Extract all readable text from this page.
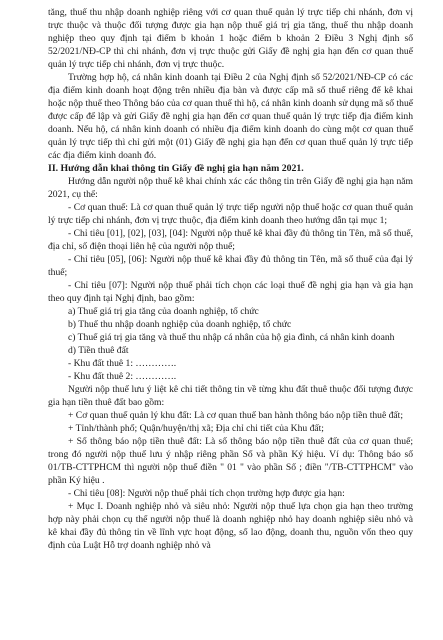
tăng, thuế thu nhập doanh nghiệp riêng với cơ quan thuế quản lý trực tiếp chi nhánh, đơn vị trực thuộc và thuộc đối tượng được gia hạn nộp thuế giá trị gia tăng, thuế thu nhập doanh nghiệp theo quy định tại điểm b khoản 1 hoặc điểm b khoản 2 Điều 3 Nghị định số 52/2021/NĐ-CP thì chi nhánh, đơn vị trực thuộc gửi Giấy đề nghị gia hạn đến cơ quan thuế quản lý trực tiếp chi nhánh, đơn vị trực thuộc.

Trường hợp hộ, cá nhân kinh doanh tại Điều 2 của Nghị định số 52/2021/NĐ-CP có các địa điểm kinh doanh hoạt động trên nhiều địa bàn và được cấp mã số thuế riêng để kê khai hoặc nộp thuế theo Thông báo của cơ quan thuế thì hộ, cá nhân kinh doanh sử dụng mã số thuế được cấp để lập và gửi Giấy đề nghị gia hạn đến cơ quan thuế quản lý trực tiếp địa điểm kinh doanh. Nếu hộ, cá nhân kinh doanh có nhiều địa điểm kinh doanh do cùng một cơ quan thuế quản lý trực tiếp thì chỉ gửi một (01) Giấy đề nghị gia hạn đến cơ quan thuế quản lý trực tiếp các địa điểm kinh doanh đó.

II. Hướng dẫn khai thông tin Giấy đề nghị gia hạn năm 2021.

Hướng dẫn người nộp thuế kê khai chính xác các thông tin trên Giấy đề nghị gia hạn năm 2021, cụ thể:

- Cơ quan thuế: Là cơ quan thuế quản lý trực tiếp người nộp thuế hoặc cơ quan thuế quản lý trực tiếp chi nhánh, đơn vị trực thuộc, địa điểm kinh doanh theo hướng dẫn tại mục 1;

- Chỉ tiêu [01], [02], [03], [04]: Người nộp thuế kê khai đầy đủ thông tin Tên, mã số thuế, địa chỉ, số điện thoại liên hệ của người nộp thuế;

- Chỉ tiêu [05], [06]: Người nộp thuế kê khai đầy đủ thông tin Tên, mã số thuế của đại lý thuế;

- Chỉ tiêu [07]: Người nộp thuế phải tích chọn các loại thuế đề nghị gia hạn và gia hạn theo quy định tại Nghị định, bao gồm:

a) Thuế giá trị gia tăng của doanh nghiệp, tổ chức

b) Thuế thu nhập doanh nghiệp của doanh nghiệp, tổ chức

c) Thuế giá trị gia tăng và thuế thu nhập cá nhân của hộ gia đình, cá nhân kinh doanh

d) Tiền thuê đất

- Khu đất thuê 1: ………….

- Khu đất thuê 2: ………….

Người nộp thuế lưu ý liệt kê chi tiết thông tin về từng khu đất thuê thuộc đối tượng được gia hạn tiền thuê đất bao gồm:

+ Cơ quan thuế quản lý khu đất: Là cơ quan thuế ban hành thông báo nộp tiền thuê đất;

+ Tỉnh/thành phố; Quận/huyện/thị xã; Địa chỉ chi tiết của Khu đất;

+ Số thông báo nộp tiền thuê đất: Là số thông báo nộp tiền thuê đất của cơ quan thuế; trong đó người nộp thuế lưu ý nhập riêng phần Số và phần Ký hiệu. Ví dụ: Thông báo số 01/TB-CTTPHCM thì người nộp thuế điền " 01 " vào phần Số ; điền "/TB-CTTPHCM" vào phần Ký hiệu .

- Chỉ tiêu [08]: Người nộp thuế phải tích chọn trường hợp được gia hạn:

+ Mục I. Doanh nghiệp nhỏ và siêu nhỏ: Người nộp thuế lựa chọn gia hạn theo trường hợp này phải chọn cụ thể người nộp thuế là doanh nghiệp nhỏ hay doanh nghiệp siêu nhỏ và kê khai đầy đủ thông tin về lĩnh vực hoạt động, số lao động, doanh thu, nguồn vốn theo quy định của Luật Hỗ trợ doanh nghiệp nhỏ và
